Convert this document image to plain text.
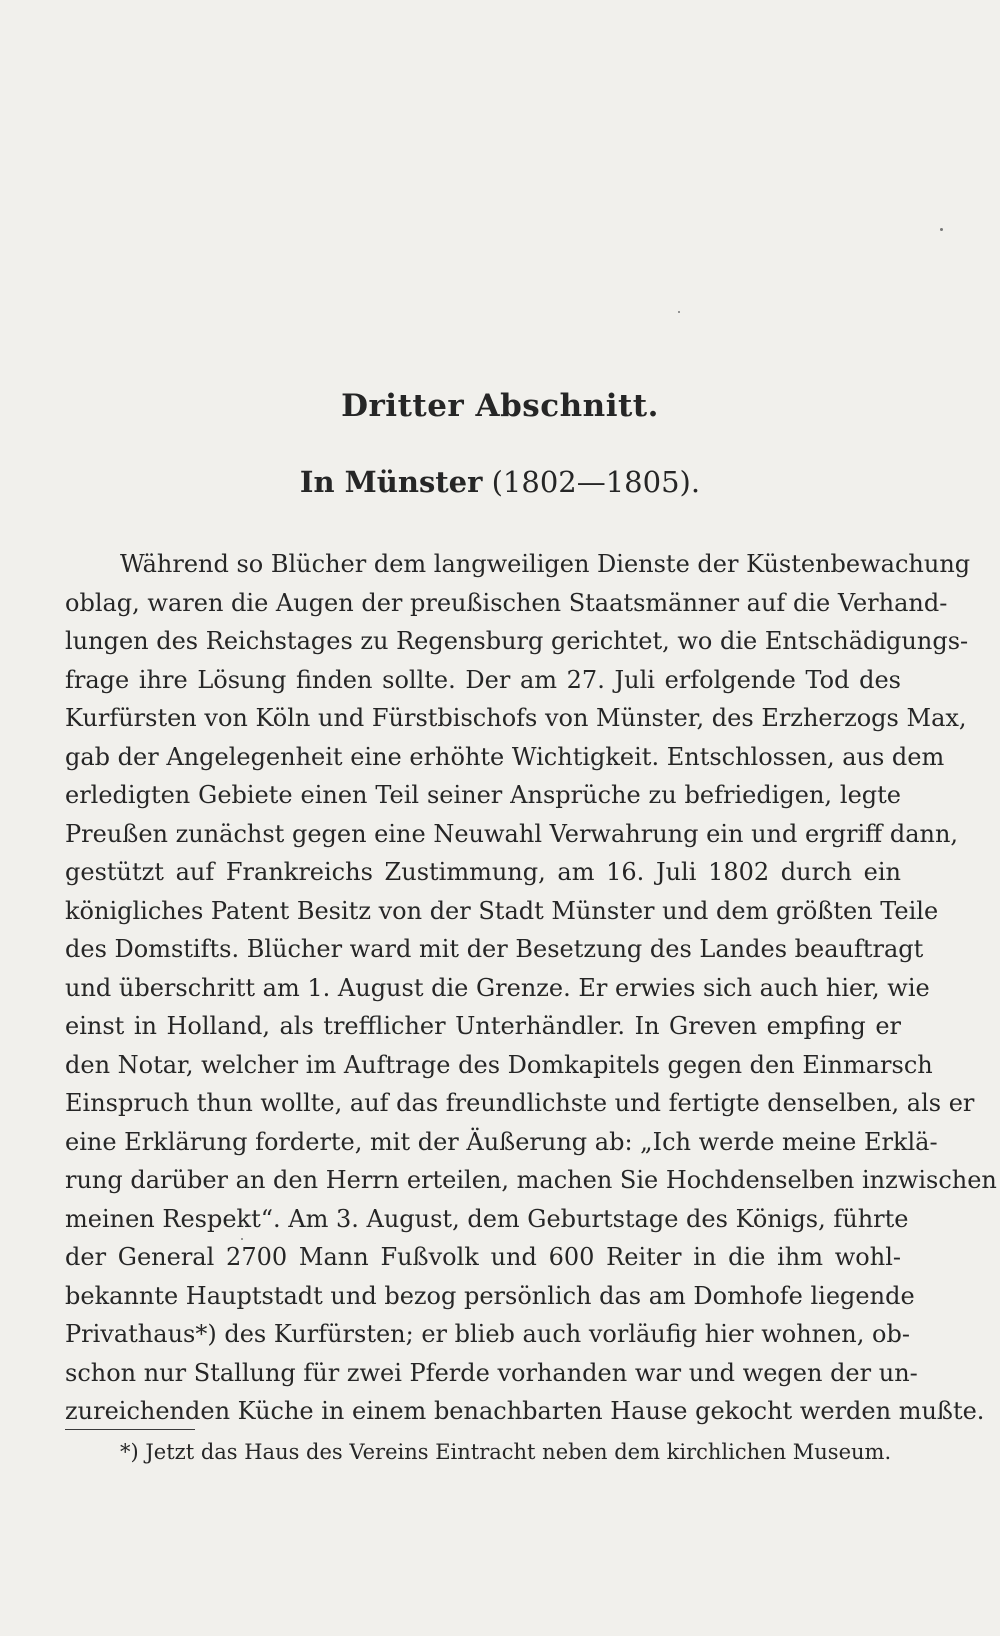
Dritter Abschnitt.
In Münster (1802—1805).
Während so Blücher dem langweiligen Dienste der Küstenbewachung
oblag, waren die Augen der preußischen Staatsmänner auf die Verhand-
lungen des Reichstages zu Regensburg gerichtet, wo die Entschädigungs-
frage ihre Lösung finden sollte. Der am 27. Juli erfolgende Tod des
Kurfürsten von Köln und Fürstbischofs von Münster, des Erzherzogs Max,
gab der Angelegenheit eine erhöhte Wichtigkeit. Entschlossen, aus dem
erledigten Gebiete einen Teil seiner Ansprüche zu befriedigen, legte
Preußen zunächst gegen eine Neuwahl Verwahrung ein und ergriff dann,
gestützt auf Frankreichs Zustimmung, am 16. Juli 1802 durch ein
königliches Patent Besitz von der Stadt Münster und dem größten Teile
des Domstifts. Blücher ward mit der Besetzung des Landes beauftragt
und überschritt am 1. August die Grenze. Er erwies sich auch hier, wie
einst in Holland, als trefflicher Unterhändler. In Greven empfing er
den Notar, welcher im Auftrage des Domkapitels gegen den Einmarsch
Einspruch thun wollte, auf das freundlichste und fertigte denselben, als er
eine Erklärung forderte, mit der Äußerung ab: „Ich werde meine Erklä-
rung darüber an den Herrn erteilen, machen Sie Hochdenselben inzwischen
meinen Respekt“. Am 3. August, dem Geburtstage des Königs, führte
der General 2700 Mann Fußvolk und 600 Reiter in die ihm wohl-
bekannte Hauptstadt und bezog persönlich das am Domhofe liegende
Privathaus*) des Kurfürsten; er blieb auch vorläufig hier wohnen, ob-
schon nur Stallung für zwei Pferde vorhanden war und wegen der un-
zureichenden Küche in einem benachbarten Hause gekocht werden mußte.
*) Jetzt das Haus des Vereins Eintracht neben dem kirchlichen Museum.
